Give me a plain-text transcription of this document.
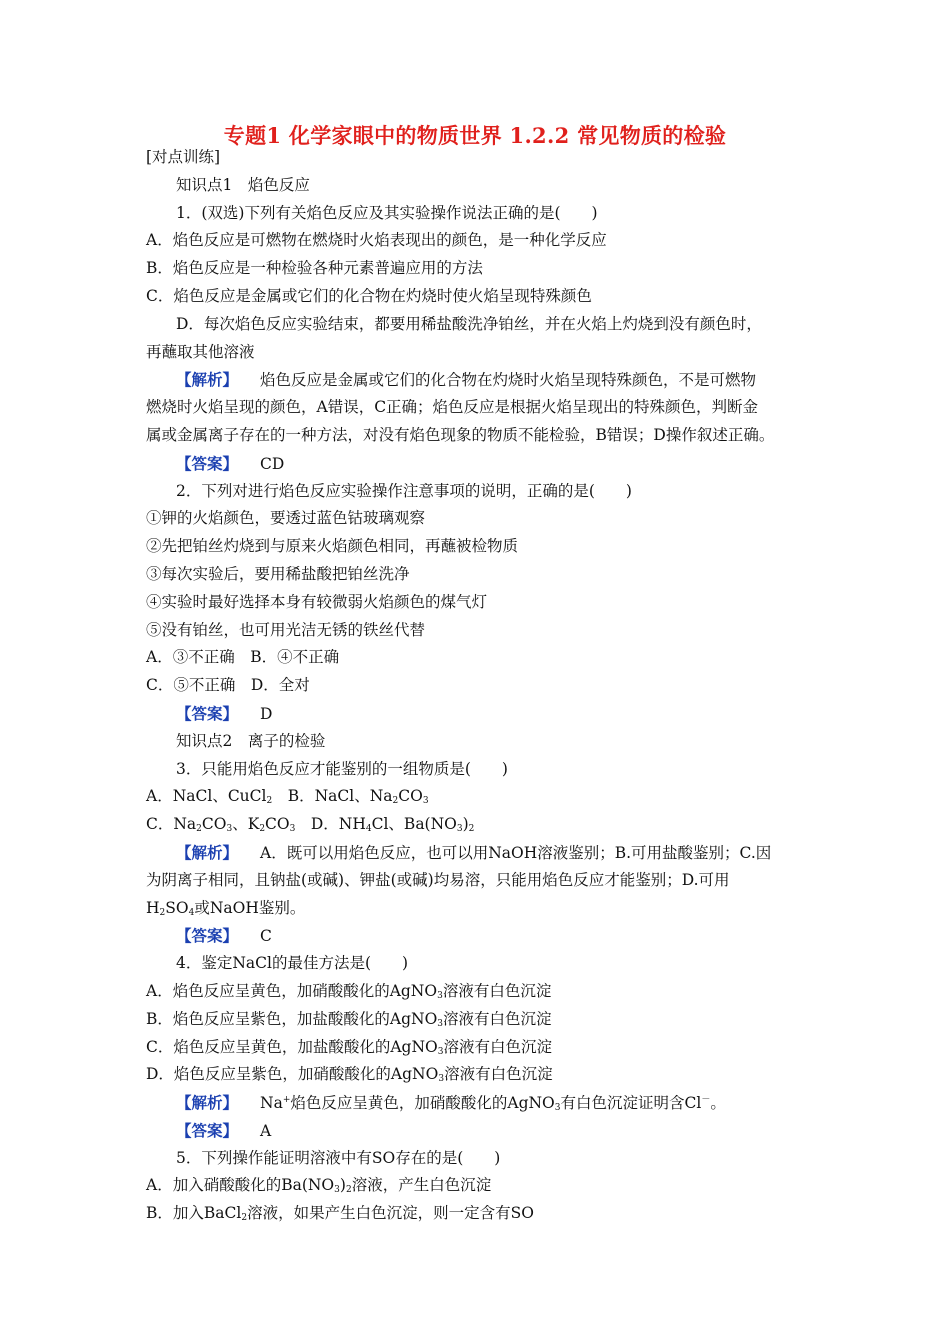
专题1 化学家眼中的物质世界 1.2.2 常见物质的检验
[对点训练]
知识点1　焰色反应
1．(双选)下列有关焰色反应及其实验操作说法正确的是(　　)
A．焰色反应是可燃物在燃烧时火焰表现出的颜色，是一种化学反应
B．焰色反应是一种检验各种元素普遍应用的方法
C．焰色反应是金属或它们的化合物在灼烧时使火焰呈现特殊颜色
D．每次焰色反应实验结束，都要用稀盐酸洗净铂丝，并在火焰上灼烧到没有颜色时，
再蘸取其他溶液
【解析】 焰色反应是金属或它们的化合物在灼烧时火焰呈现特殊颜色，不是可燃物
燃烧时火焰呈现的颜色，A错误，C正确；焰色反应是根据火焰呈现出的特殊颜色，判断金
属或金属离子存在的一种方法，对没有焰色现象的物质不能检验，B错误；D操作叙述正确。
【答案】 CD
2．下列对进行焰色反应实验操作注意事项的说明，正确的是(　　)
①钾的火焰颜色，要透过蓝色钴玻璃观察
②先把铂丝灼烧到与原来火焰颜色相同，再蘸被检物质
③每次实验后，要用稀盐酸把铂丝洗净
④实验时最好选择本身有较微弱火焰颜色的煤气灯
⑤没有铂丝，也可用光洁无锈的铁丝代替
A．③不正确　B．④不正确
C．⑤不正确　D．全对
【答案】 D
知识点2　离子的检验
3．只能用焰色反应才能鉴别的一组物质是(　　)
A．NaCl、CuCl$_2$　B．NaCl、$Na_2CO_3$
C．$Na_2CO_3$、$K_2CO_3$　D．$NH_4Cl$、$Ba(NO_3)_2$
【解析】 A．既可以用焰色反应，也可以用NaOH溶液鉴别；B.可用盐酸鉴别；C.因
为阴离子相同，且钠盐(或碱)、钾盐(或碱)均易溶，只能用焰色反应才能鉴别；D.可用
$H_2SO_4$或NaOH鉴别。
【答案】 C
4．鉴定NaCl的最佳方法是(　　)
A．焰色反应呈黄色，加硝酸酸化的AgNO$_3$溶液有白色沉淀
B．焰色反应呈紫色，加盐酸酸化的AgNO$_3$溶液有白色沉淀
C．焰色反应呈黄色，加盐酸酸化的AgNO$_3$溶液有白色沉淀
D．焰色反应呈紫色，加硝酸酸化的AgNO$_3$溶液有白色沉淀
【解析】 Na+焰色反应呈黄色，加硝酸酸化的AgNO$_3$有白色沉淀证明含Cl－。
【答案】 A
5．下列操作能证明溶液中有SO存在的是(　　)
A．加入硝酸酸化的$Ba(NO_3)_2$溶液，产生白色沉淀
B．加入BaCl$_2$溶液，如果产生白色沉淀，则一定含有SO
